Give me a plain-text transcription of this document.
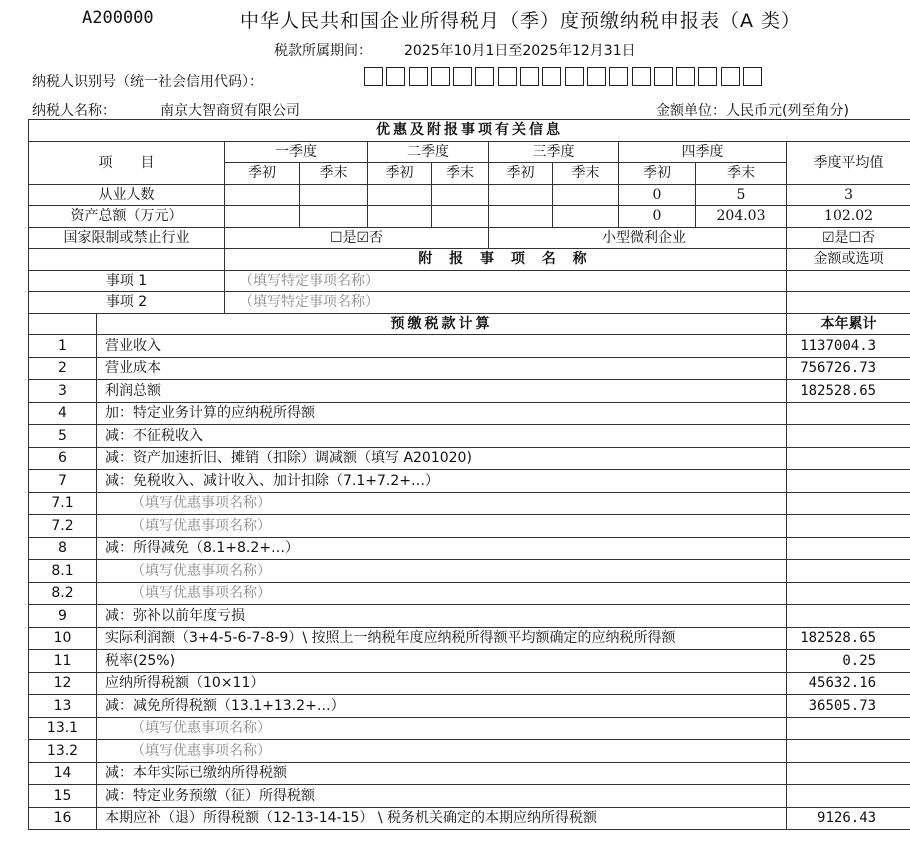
A200000	中华人民共和国企业所得税月（季）度预缴纳税申报表（A 类）
税款所属期间： 2025年10月1日至2025年12月31日
纳税人识别号（统一社会信用代码）：
纳税人名称：	南京大智商贸有限公司	金额单位：人民币元(列至角分)
优惠及附报事项有关信息										
项　　目		一季度		二季度		三季度		四季度		季度平均值
		季初	季末	季初	季末	季初	季末	季初	季末	
从业人数								0	5	3
资产总额（万元）								0	204.03	102.02
国家限制或禁止行业		☐是☑否				小型微利企业				☑是☐否
		附 报 事 项 名 称								金额或选项
事项 1		（填写特定事项名称）								
事项 2		（填写特定事项名称）								
	预缴税款计算									本年累计
1	营业收入									1137004.3
2	营业成本									756726.73
3	利润总额									182528.65
4	加：特定业务计算的应纳税所得额									
5	减：不征税收入									
6	减：资产加速折旧、摊销（扣除）调减额（填写 A201020)									
7	减：免税收入、减计收入、加计扣除（7.1+7.2+…）									
7.1	（填写优惠事项名称）									
7.2	（填写优惠事项名称）									
8	减：所得减免（8.1+8.2+…）									
8.1	（填写优惠事项名称）									
8.2	（填写优惠事项名称）									
9	减：弥补以前年度亏损									
10	实际利润额（3+4-5-6-7-8-9）\ 按照上一纳税年度应纳税所得额平均额确定的应纳税所得额									182528.65
11	税率(25%)									0.25
12	应纳所得税额（10×11）									45632.16
13	减：减免所得税额（13.1+13.2+…）									36505.73
13.1	（填写优惠事项名称）									
13.2	（填写优惠事项名称）									
14	减：本年实际已缴纳所得税额									
15	减：特定业务预缴（征）所得税额									
16	本期应补（退）所得税额（12-13-14-15） \ 税务机关确定的本期应纳所得税额									9126.43
